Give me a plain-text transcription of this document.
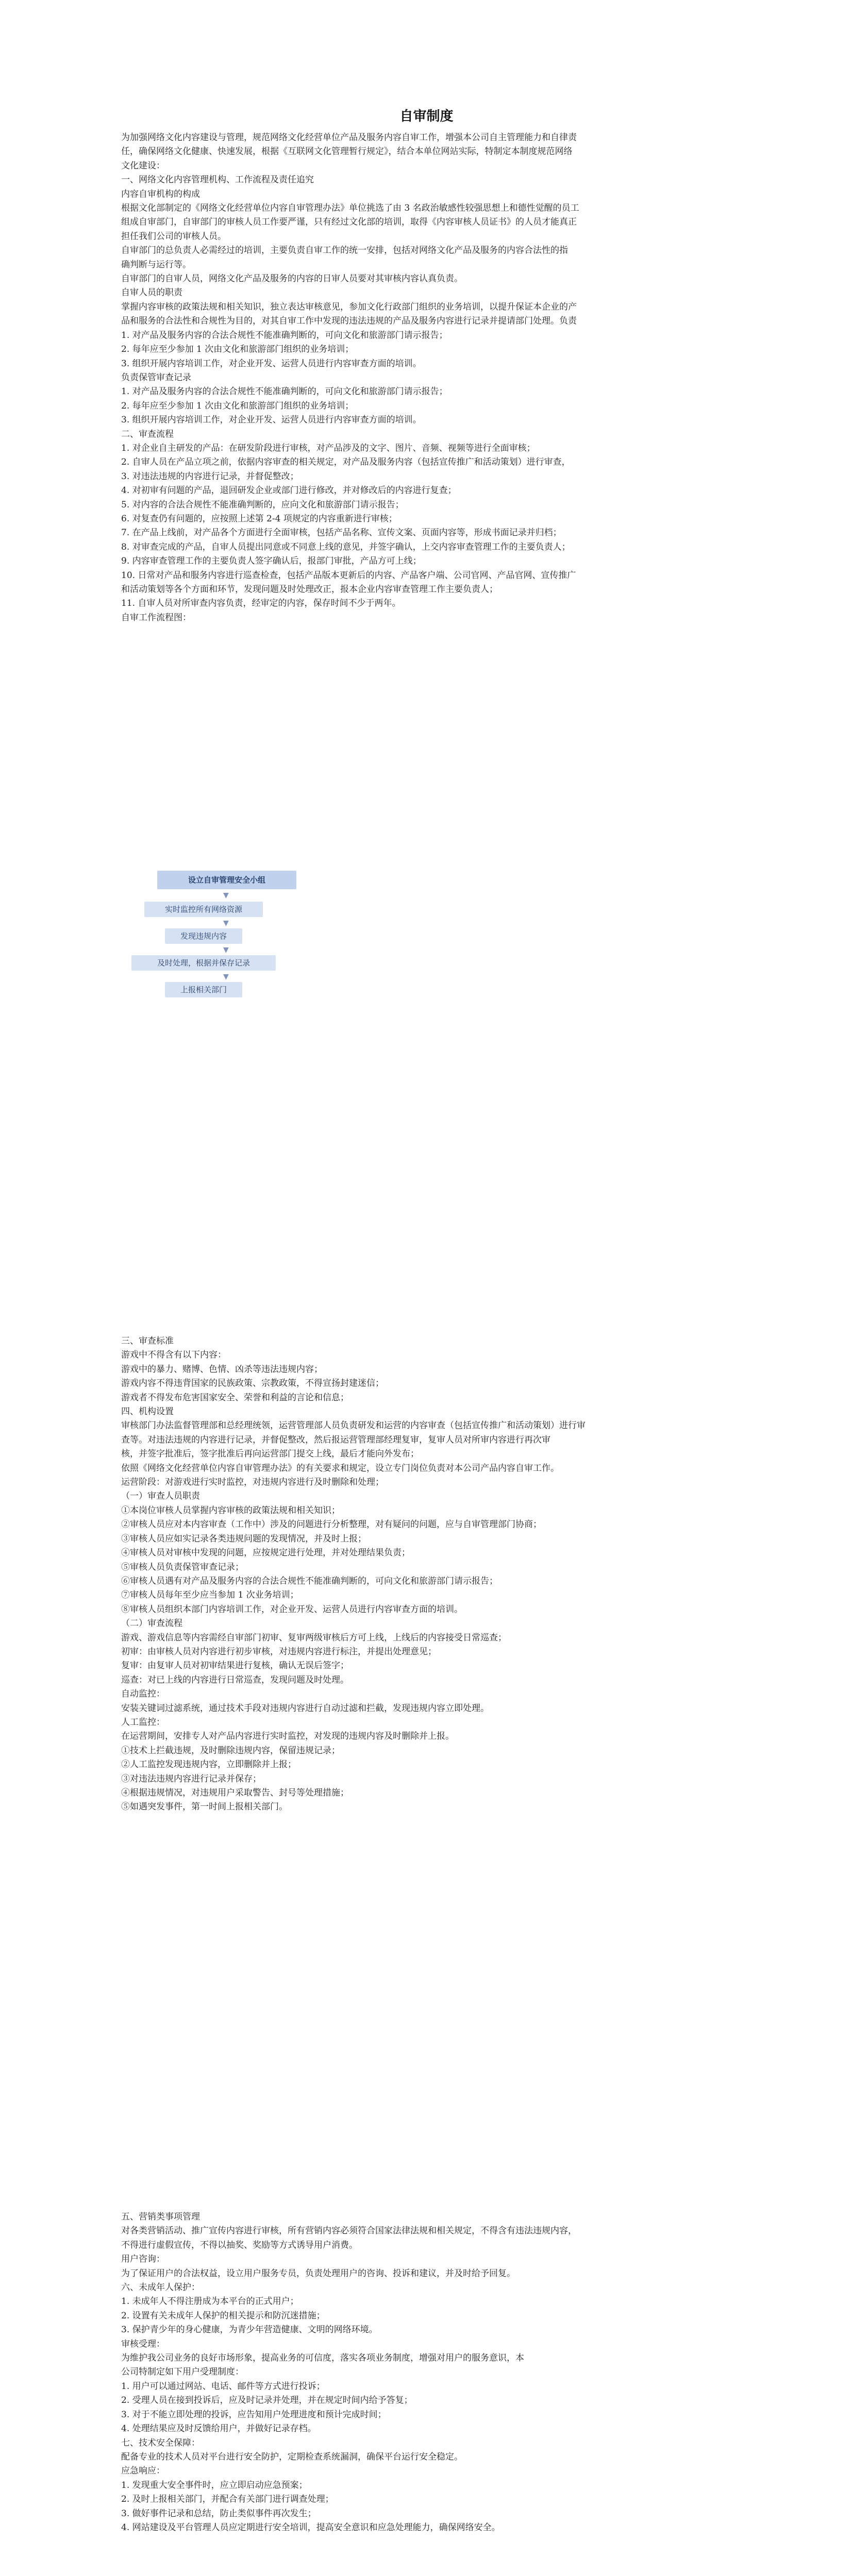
自审制度

为加强网络文化内容建设与管理，规范网络文化经营单位产品及服务内容自审工作，增强本公司自主管理能力和自律责

任，确保网络文化健康、快速发展，根据《互联网文化管理暂行规定》，结合本单位网站实际，特制定本制度规范网络

文化建设：

一、网络文化内容管理机构、工作流程及责任追究

内容自审机构的构成

根据文化部制定的《网络文化经营单位内容自审管理办法》单位挑选了由 3 名政治敏感性较强思想上和德性觉醒的员工

组成自审部门，自审部门的审核人员工作要严谨，只有经过文化部的培训，取得《内容审核人员证书》的人员才能真正

担任我们公司的审核人员。

自审部门的总负责人必需经过的培训，主要负责自审工作的统一安排，包括对网络文化产品及服务的内容合法性的指

确判断与运行等。

自审部门的自审人员，网络文化产品及服务的内容的日审人员要对其审核内容认真负责。

自审人员的职责

掌握内容审核的政策法规和相关知识，独立表达审核意见，参加文化行政部门组织的业务培训，以提升保证本企业的产

品和服务的合法性和合规性为目的，对其自审工作中发现的违法违规的产品及服务内容进行记录并提请部门处理。负责

1. 对产品及服务内容的合法合规性不能准确判断的，可向文化和旅游部门请示报告；

2. 每年应至少参加 1 次由文化和旅游部门组织的业务培训；

3. 组织开展内容培训工作，对企业开发、运营人员进行内容审查方面的培训。

负责保管审查记录

1. 对产品及服务内容的合法合规性不能准确判断的，可向文化和旅游部门请示报告；

2. 每年应至少参加 1 次由文化和旅游部门组织的业务培训；

3. 组织开展内容培训工作，对企业开发、运营人员进行内容审查方面的培训。

二、审查流程

1. 对企业自主研发的产品：在研发阶段进行审核，对产品涉及的文字、图片、音频、视频等进行全面审核；

2. 自审人员在产品立项之前，依据内容审查的相关规定，对产品及服务内容（包括宣传推广和活动策划）进行审查，

3. 对违法违规的内容进行记录，并督促整改；

4. 对初审有问题的产品，退回研发企业或部门进行修改，并对修改后的内容进行复查；

5. 对内容的合法合规性不能准确判断的，应向文化和旅游部门请示报告；

6. 对复查仍有问题的，应按照上述第 2-4 项规定的内容重新进行审核；

7. 在产品上线前，对产品各个方面进行全面审核，包括产品名称、宣传文案、页面内容等，形成书面记录并归档；

8. 对审查完成的产品，自审人员提出同意或不同意上线的意见，并签字确认，上交内容审查管理工作的主要负责人；

9. 内容审查管理工作的主要负责人签字确认后，报部门审批，产品方可上线；

10. 日常对产品和服务内容进行巡查检查，包括产品版本更新后的内容、产品客户端、公司官网、产品官网、宣传推广

和活动策划等各个方面和环节，发现问题及时处理改正，报本企业内容审查管理工作主要负责人；

11. 自审人员对所审查内容负责，经审定的内容，保存时间不少于两年。

自审工作流程图：

设立自审管理安全小组
▼
实时监控所有网络资源
▼
发现违规内容
▼
及时处理，根据并保存记录
▼
上报相关部门

三、审查标准

游戏中不得含有以下内容：

游戏中的暴力、赌博、色情、凶杀等违法违规内容；

游戏内容不得违背国家的民族政策、宗教政策，不得宣扬封建迷信；

游戏者不得发布危害国家安全、荣誉和利益的言论和信息；

四、机构设置

审核部门办法监督管理部和总经理统领，运营管理部人员负责研发和运营的内容审查（包括宣传推广和活动策划）进行审

查等。对违法违规的内容进行记录，并督促整改，然后报运营管理部经理复审，复审人员对所审内容进行再次审

核，并签字批准后，签字批准后再向运营部门提交上线，最后才能向外发布；

依照《网络文化经营单位内容自审管理办法》的有关要求和规定，设立专门岗位负责对本公司产品内容自审工作。

运营阶段：对游戏进行实时监控，对违规内容进行及时删除和处理；

（一）审查人员职责

①本岗位审核人员掌握内容审核的政策法规和相关知识；

②审核人员应对本内容审查（工作中）涉及的问题进行分析整理，对有疑问的问题，应与自审管理部门协商；

③审核人员应如实记录各类违规问题的发现情况，并及时上报；

④审核人员对审核中发现的问题，应按规定进行处理，并对处理结果负责；

⑤审核人员负责保管审查记录；

⑥审核人员遇有对产品及服务内容的合法合规性不能准确判断的，可向文化和旅游部门请示报告；

⑦审核人员每年至少应当参加 1 次业务培训；

⑧审核人员组织本部门内容培训工作，对企业开发、运营人员进行内容审查方面的培训。

（二）审查流程

游戏、游戏信息等内容需经自审部门初审、复审两级审核后方可上线，上线后的内容接受日常巡查；

初审：由审核人员对内容进行初步审核，对违规内容进行标注，并提出处理意见；

复审：由复审人员对初审结果进行复核，确认无误后签字；

巡查：对已上线的内容进行日常巡查，发现问题及时处理。

自动监控：

安装关键词过滤系统，通过技术手段对违规内容进行自动过滤和拦截，发现违规内容立即处理。

人工监控：

在运营期间，安排专人对产品内容进行实时监控，对发现的违规内容及时删除并上报。

①技术上拦截违规，及时删除违规内容，保留违规记录；

②人工监控发现违规内容，立即删除并上报；

③对违法违规内容进行记录并保存；

④根据违规情况，对违规用户采取警告、封号等处理措施；

⑤如遇突发事件，第一时间上报相关部门。

五、营销类事项管理

对各类营销活动、推广宣传内容进行审核，所有营销内容必须符合国家法律法规和相关规定，不得含有违法违规内容，

不得进行虚假宣传，不得以抽奖、奖励等方式诱导用户消费。

用户咨询：

为了保证用户的合法权益，设立用户服务专员，负责处理用户的咨询、投诉和建议，并及时给予回复。

六、未成年人保护：

1. 未成年人不得注册成为本平台的正式用户；

2. 设置有关未成年人保护的相关提示和防沉迷措施；

3. 保护青少年的身心健康，为青少年营造健康、文明的网络环境。

审核受理：

为维护我公司业务的良好市场形象，提高业务的可信度，落实各项业务制度，增强对用户的服务意识，本

公司特制定如下用户受理制度：

1. 用户可以通过网站、电话、邮件等方式进行投诉；

2. 受理人员在接到投诉后，应及时记录并处理，并在规定时间内给予答复；

3. 对于不能立即处理的投诉，应告知用户处理进度和预计完成时间；

4. 处理结果应及时反馈给用户，并做好记录存档。

七、技术安全保障：

配备专业的技术人员对平台进行安全防护，定期检查系统漏洞，确保平台运行安全稳定。

应急响应：

1. 发现重大安全事件时，应立即启动应急预案；

2. 及时上报相关部门，并配合有关部门进行调查处理；

3. 做好事件记录和总结，防止类似事件再次发生；

4. 网站建设及平台管理人员应定期进行安全培训，提高安全意识和应急处理能力，确保网络安全。
